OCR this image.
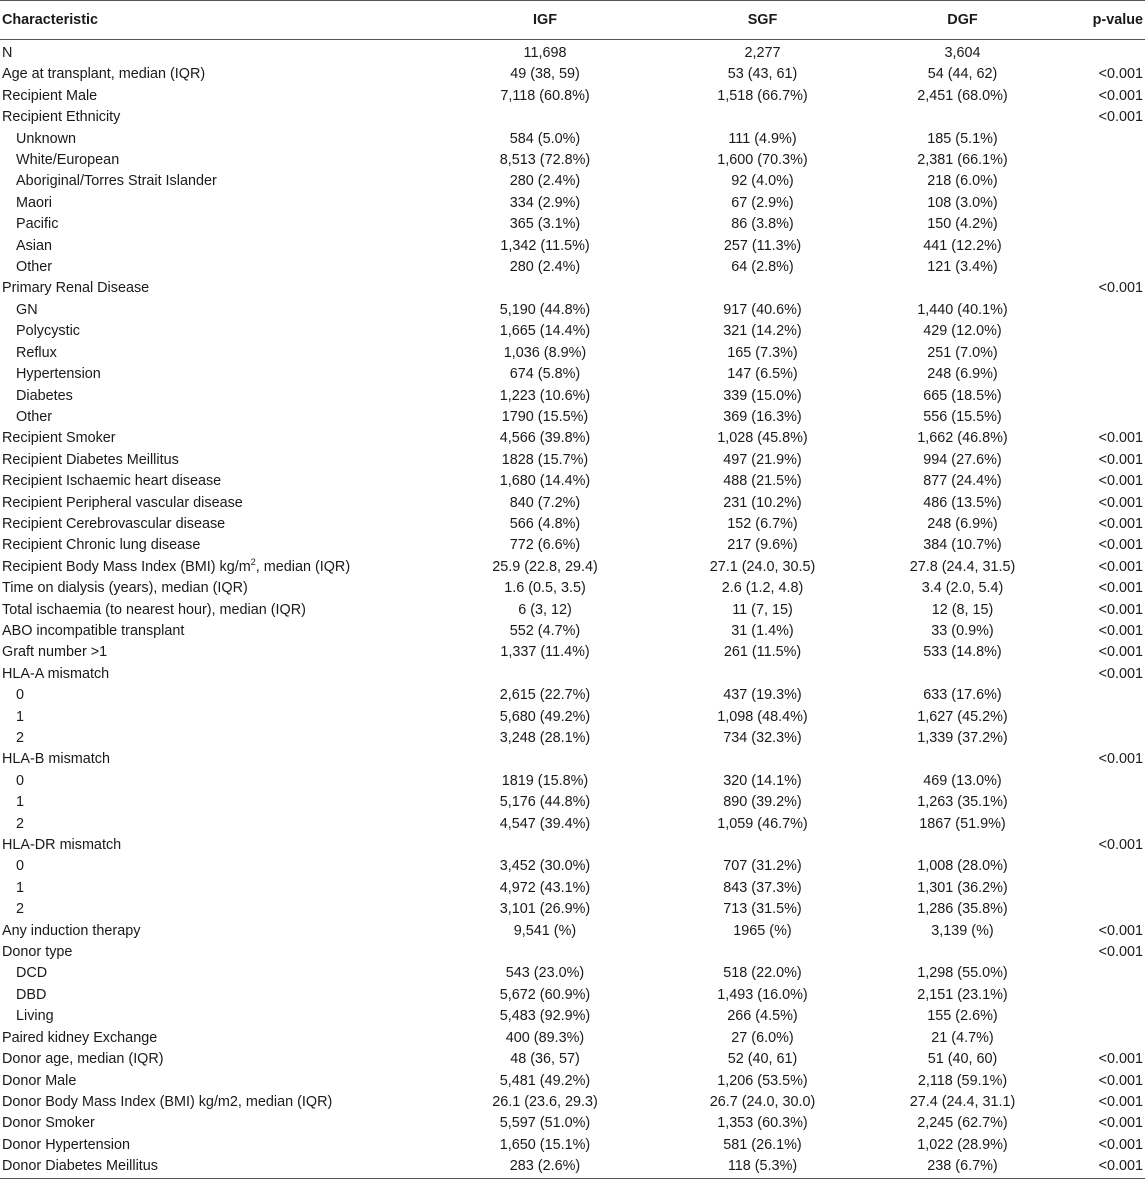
Characteristic	IGF	SGF	DGF	p-value
N	11,698	2,277	3,604	
Age at transplant, median (IQR)	49 (38, 59)	53 (43, 61)	54 (44, 62)	<0.001
Recipient Male	7,118 (60.8%)	1,518 (66.7%)	2,451 (68.0%)	<0.001
Recipient Ethnicity				<0.001
Unknown	584 (5.0%)	111 (4.9%)	185 (5.1%)	
White/European	8,513 (72.8%)	1,600 (70.3%)	2,381 (66.1%)	
Aboriginal/Torres Strait Islander	280 (2.4%)	92 (4.0%)	218 (6.0%)	
Maori	334 (2.9%)	67 (2.9%)	108 (3.0%)	
Pacific	365 (3.1%)	86 (3.8%)	150 (4.2%)	
Asian	1,342 (11.5%)	257 (11.3%)	441 (12.2%)	
Other	280 (2.4%)	64 (2.8%)	121 (3.4%)	
Primary Renal Disease				<0.001
GN	5,190 (44.8%)	917 (40.6%)	1,440 (40.1%)	
Polycystic	1,665 (14.4%)	321 (14.2%)	429 (12.0%)	
Reflux	1,036 (8.9%)	165 (7.3%)	251 (7.0%)	
Hypertension	674 (5.8%)	147 (6.5%)	248 (6.9%)	
Diabetes	1,223 (10.6%)	339 (15.0%)	665 (18.5%)	
Other	1790 (15.5%)	369 (16.3%)	556 (15.5%)	
Recipient Smoker	4,566 (39.8%)	1,028 (45.8%)	1,662 (46.8%)	<0.001
Recipient Diabetes Meillitus	1828 (15.7%)	497 (21.9%)	994 (27.6%)	<0.001
Recipient Ischaemic heart disease	1,680 (14.4%)	488 (21.5%)	877 (24.4%)	<0.001
Recipient Peripheral vascular disease	840 (7.2%)	231 (10.2%)	486 (13.5%)	<0.001
Recipient Cerebrovascular disease	566 (4.8%)	152 (6.7%)	248 (6.9%)	<0.001
Recipient Chronic lung disease	772 (6.6%)	217 (9.6%)	384 (10.7%)	<0.001
Recipient Body Mass Index (BMI) $kg/m^2$, median (IQR)	25.9 (22.8, 29.4)	27.1 (24.0, 30.5)	27.8 (24.4, 31.5)	<0.001
Time on dialysis (years), median (IQR)	1.6 (0.5, 3.5)	2.6 (1.2, 4.8)	3.4 (2.0, 5.4)	<0.001
Total ischaemia (to nearest hour), median (IQR)	6 (3, 12)	11 (7, 15)	12 (8, 15)	<0.001
ABO incompatible transplant	552 (4.7%)	31 (1.4%)	33 (0.9%)	<0.001
Graft number >1	1,337 (11.4%)	261 (11.5%)	533 (14.8%)	<0.001
HLA-A mismatch				<0.001
0	2,615 (22.7%)	437 (19.3%)	633 (17.6%)	
1	5,680 (49.2%)	1,098 (48.4%)	1,627 (45.2%)	
2	3,248 (28.1%)	734 (32.3%)	1,339 (37.2%)	
HLA-B mismatch				<0.001
0	1819 (15.8%)	320 (14.1%)	469 (13.0%)	
1	5,176 (44.8%)	890 (39.2%)	1,263 (35.1%)	
2	4,547 (39.4%)	1,059 (46.7%)	1867 (51.9%)	
HLA-DR mismatch				<0.001
0	3,452 (30.0%)	707 (31.2%)	1,008 (28.0%)	
1	4,972 (43.1%)	843 (37.3%)	1,301 (36.2%)	
2	3,101 (26.9%)	713 (31.5%)	1,286 (35.8%)	
Any induction therapy	9,541 (%)	1965 (%)	3,139 (%)	<0.001
Donor type				<0.001
DCD	543 (23.0%)	518 (22.0%)	1,298 (55.0%)	
DBD	5,672 (60.9%)	1,493 (16.0%)	2,151 (23.1%)	
Living	5,483 (92.9%)	266 (4.5%)	155 (2.6%)	
Paired kidney Exchange	400 (89.3%)	27 (6.0%)	21 (4.7%)	
Donor age, median (IQR)	48 (36, 57)	52 (40, 61)	51 (40, 60)	<0.001
Donor Male	5,481 (49.2%)	1,206 (53.5%)	2,118 (59.1%)	<0.001
Donor Body Mass Index (BMI) kg/m2, median (IQR)	26.1 (23.6, 29.3)	26.7 (24.0, 30.0)	27.4 (24.4, 31.1)	<0.001
Donor Smoker	5,597 (51.0%)	1,353 (60.3%)	2,245 (62.7%)	<0.001
Donor Hypertension	1,650 (15.1%)	581 (26.1%)	1,022 (28.9%)	<0.001
Donor Diabetes Meillitus	283 (2.6%)	118 (5.3%)	238 (6.7%)	<0.001
